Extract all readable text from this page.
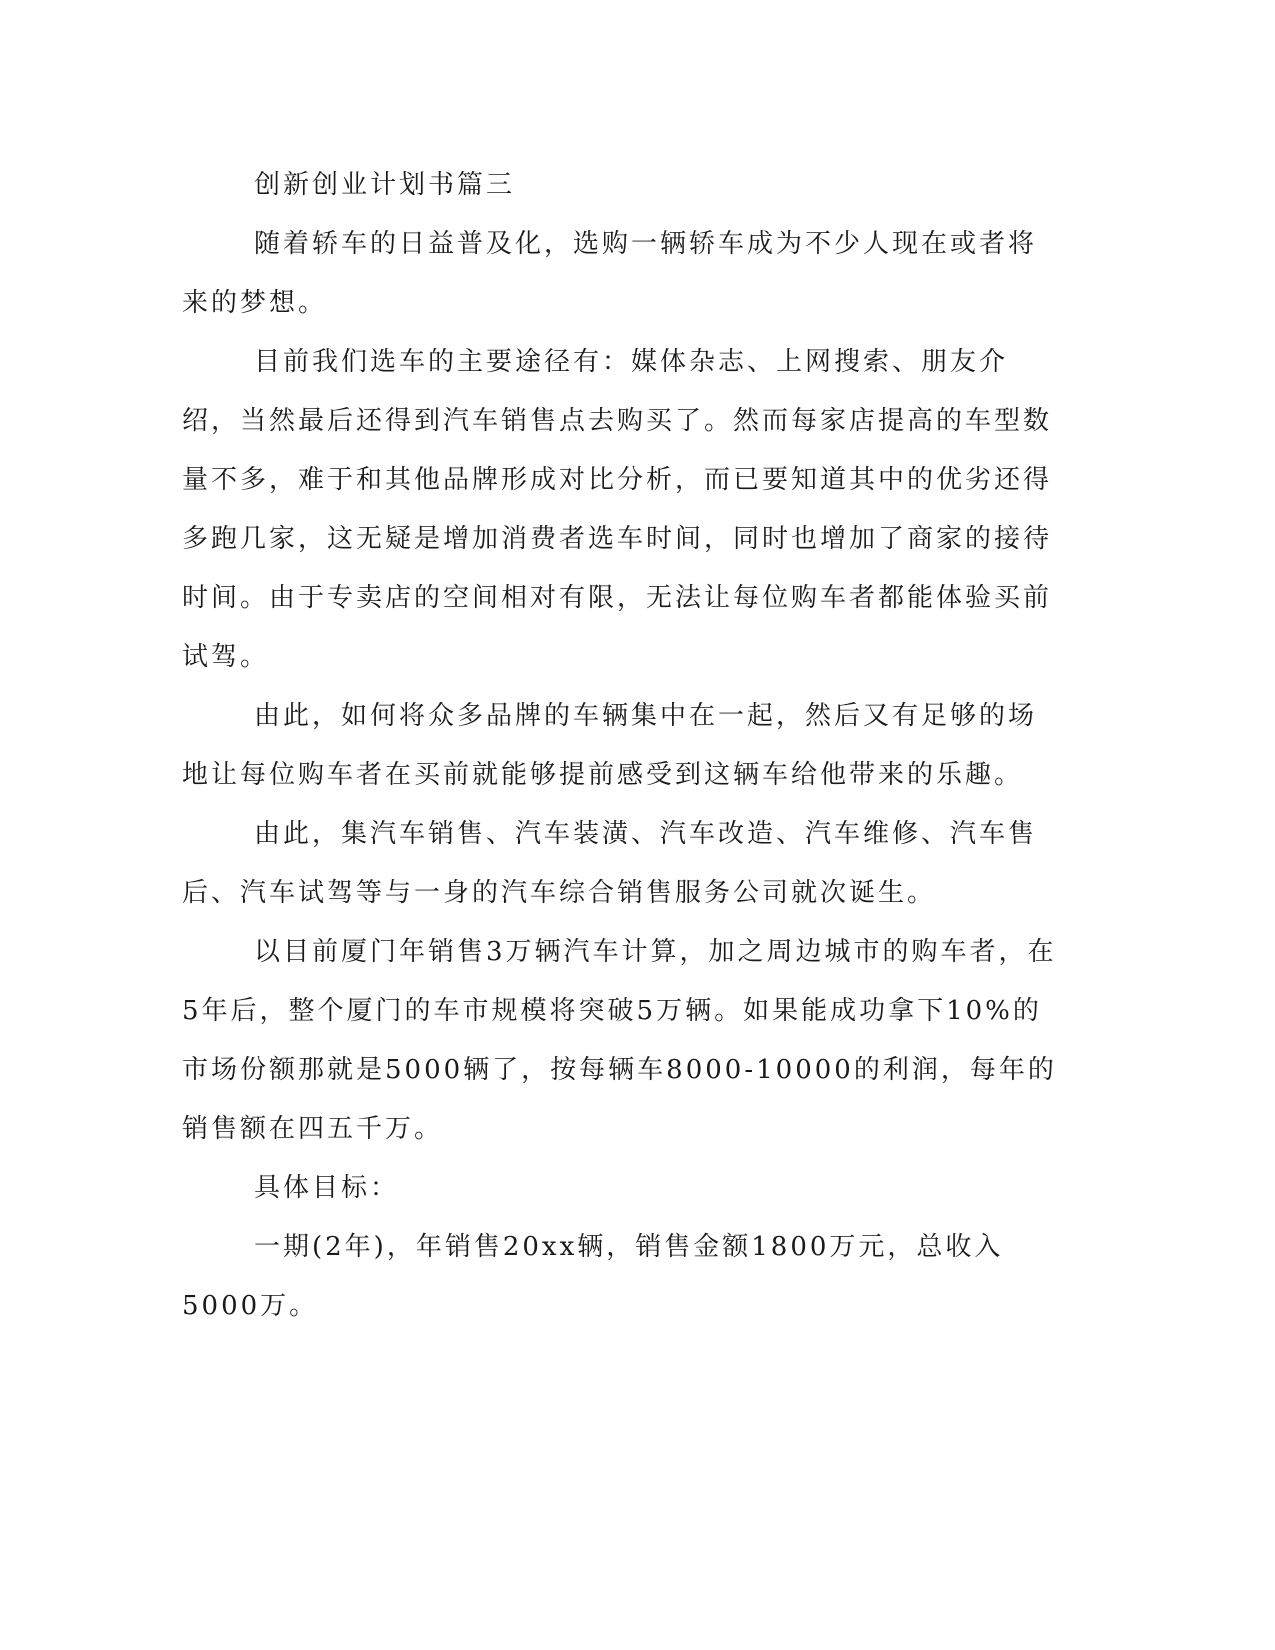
创新创业计划书篇三

随着轿车的日益普及化，选购一辆轿车成为不少人现在或者将来的梦想。

目前我们选车的主要途径有：媒体杂志、上网搜索、朋友介绍，当然最后还得到汽车销售点去购买了。然而每家店提高的车型数量不多，难于和其他品牌形成对比分析，而已要知道其中的优劣还得多跑几家，这无疑是增加消费者选车时间，同时也增加了商家的接待时间。由于专卖店的空间相对有限，无法让每位购车者都能体验买前试驾。

由此，如何将众多品牌的车辆集中在一起，然后又有足够的场地让每位购车者在买前就能够提前感受到这辆车给他带来的乐趣。

由此，集汽车销售、汽车装潢、汽车改造、汽车维修、汽车售后、汽车试驾等与一身的汽车综合销售服务公司就次诞生。

以目前厦门年销售3万辆汽车计算，加之周边城市的购车者，在5年后，整个厦门的车市规模将突破5万辆。如果能成功拿下10%的市场份额那就是5000辆了，按每辆车8000-10000的利润，每年的销售额在四五千万。

具体目标：

一期(2年)，年销售20xx辆，销售金额1800万元，总收入5000万。
